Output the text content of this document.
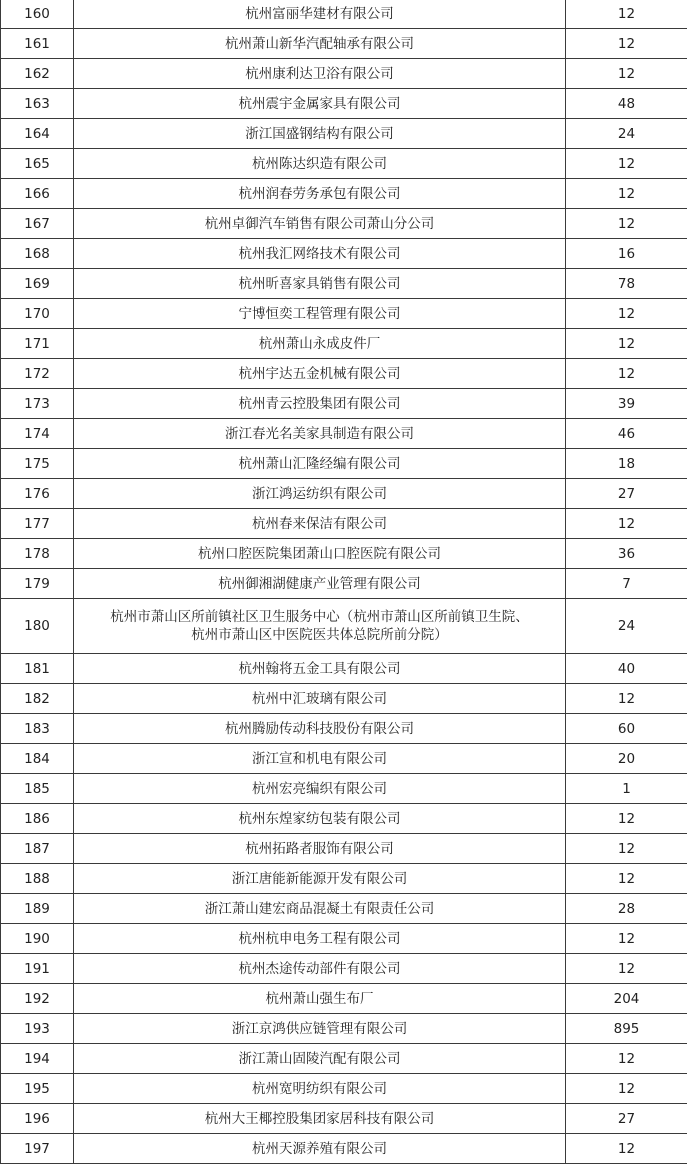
160	杭州富丽华建材有限公司	12
161	杭州萧山新华汽配轴承有限公司	12
162	杭州康利达卫浴有限公司	12
163	杭州震宇金属家具有限公司	48
164	浙江国盛钢结构有限公司	24
165	杭州陈达织造有限公司	12
166	杭州润春劳务承包有限公司	12
167	杭州卓御汽车销售有限公司萧山分公司	12
168	杭州我汇网络技术有限公司	16
169	杭州昕喜家具销售有限公司	78
170	宁博恒奕工程管理有限公司	12
171	杭州萧山永成皮件厂	12
172	杭州宇达五金机械有限公司	12
173	杭州青云控股集团有限公司	39
174	浙江春光名美家具制造有限公司	46
175	杭州萧山汇隆经编有限公司	18
176	浙江鸿运纺织有限公司	27
177	杭州春来保洁有限公司	12
178	杭州口腔医院集团萧山口腔医院有限公司	36
179	杭州御湘湖健康产业管理有限公司	7
180	杭州市萧山区所前镇社区卫生服务中心（杭州市萧山区所前镇卫生院、
杭州市萧山区中医院医共体总院所前分院）	24
181	杭州翰将五金工具有限公司	40
182	杭州中汇玻璃有限公司	12
183	杭州腾励传动科技股份有限公司	60
184	浙江宣和机电有限公司	20
185	杭州宏亮编织有限公司	1
186	杭州东煌家纺包装有限公司	12
187	杭州拓路者服饰有限公司	12
188	浙江唐能新能源开发有限公司	12
189	浙江萧山建宏商品混凝土有限责任公司	28
190	杭州杭申电务工程有限公司	12
191	杭州杰途传动部件有限公司	12
192	杭州萧山强生布厂	204
193	浙江京鸿供应链管理有限公司	895
194	浙江萧山固陵汽配有限公司	12
195	杭州宽明纺织有限公司	12
196	杭州大王椰控股集团家居科技有限公司	27
197	杭州天源养殖有限公司	12
